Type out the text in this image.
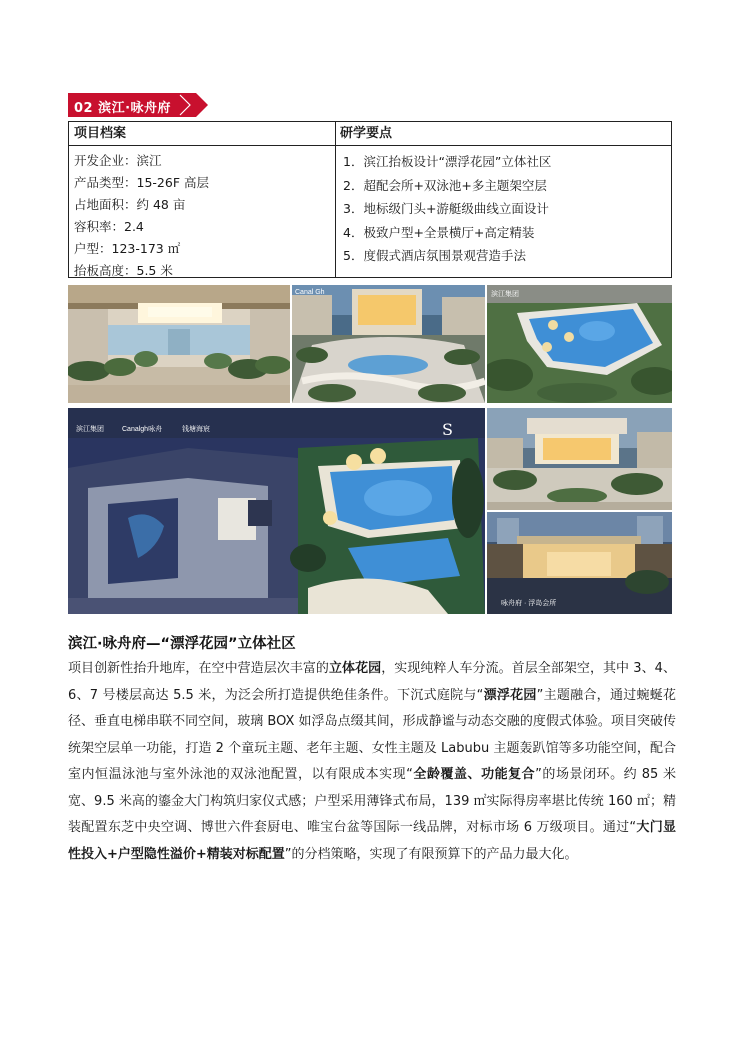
02 滨江·咏舟府
项目档案
开发企业：滨江
产品类型：15-26F 高层
占地面积：约 48 亩
容积率：2.4
户型：123-173 ㎡
抬板高度：5.5 米
研学要点
1．滨江抬板设计“漂浮花园”立体社区
2．超配会所+双泳池+多主题架空层
3．地标级门头+游艇级曲线立面设计
4．极致户型+全景横厅+高定精装
5．度假式酒店氛围景观营造手法
Canal Gh	滨江集团
滨江集团	Canalgh咏舟	钱塘海宸	S
咏舟府 · 浮岛会所
滨江·咏舟府—“漂浮花园”立体社区
项目创新性抬升地库，在空中营造层次丰富的立体花园，实现纯粹人车分流。首层全部架空，其中 3、4、6、7 号楼层高达 5.5 米，为泛会所打造提供绝佳条件。下沉式庭院与“漂浮花园”主题融合，通过蜿蜒花径、垂直电梯串联不同空间，玻璃 BOX 如浮岛点缀其间，形成静谧与动态交融的度假式体验。项目突破传统架空层单一功能，打造 2 个童玩主题、老年主题、女性主题及 Labubu 主题轰趴馆等多功能空间，配合室内恒温泳池与室外泳池的双泳池配置，以有限成本实现“全龄覆盖、功能复合”的场景闭环。约 85 米宽、9.5 米高的鎏金大门构筑归家仪式感；户型采用薄锋式布局，139 ㎡实际得房率堪比传统 160 ㎡；精装配置东芝中央空调、博世六件套厨电、唯宝台盆等国际一线品牌，对标市场 6 万级项目。通过“大门显性投入+户型隐性溢价+精装对标配置”的分档策略，实现了有限预算下的产品力最大化。
